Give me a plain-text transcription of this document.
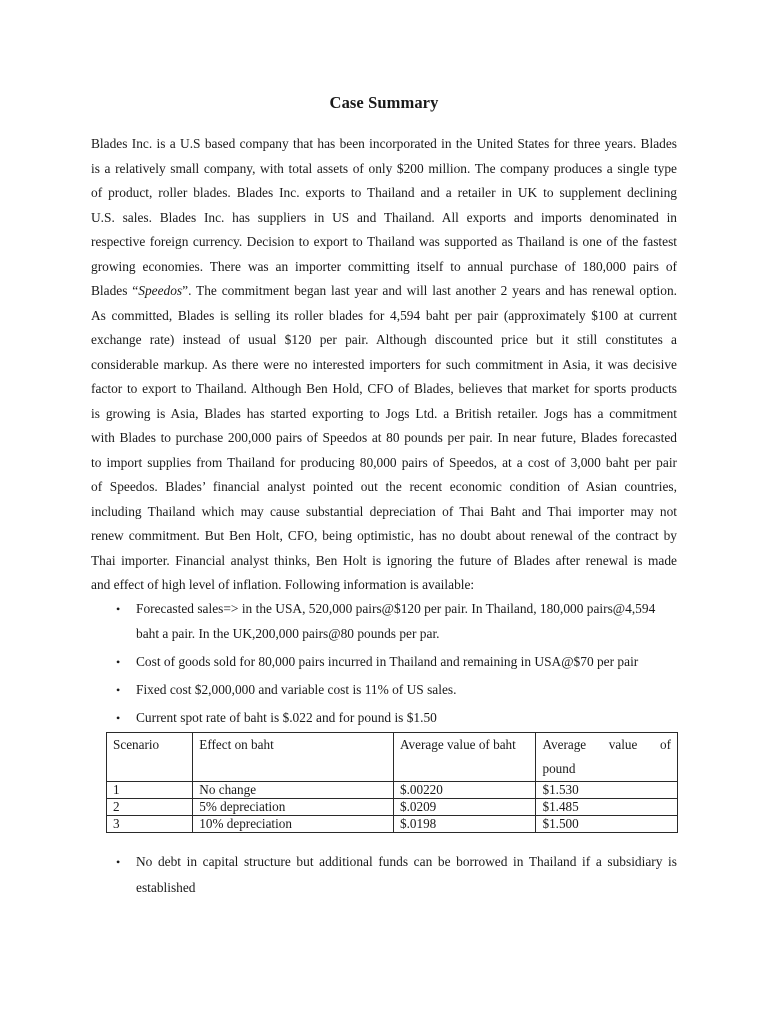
Case Summary
Blades Inc. is a U.S based company that has been incorporated in the United States for three years. Blades
is a relatively small company, with total assets of only $200 million. The company produces a single type
of product, roller blades. Blades Inc. exports to Thailand and a retailer in UK to supplement declining
U.S. sales. Blades Inc. has suppliers in US and Thailand. All exports and imports denominated in
respective foreign currency. Decision to export to Thailand was supported as Thailand is one of the fastest
growing economies. There was an importer committing itself to annual purchase of 180,000 pairs of
Blades “Speedos”. The commitment began last year and will last another 2 years and has renewal option.
As committed, Blades is selling its roller blades for 4,594 baht per pair (approximately $100 at current
exchange rate) instead of usual $120 per pair. Although discounted price but it still constitutes a
considerable markup. As there were no interested importers for such commitment in Asia, it was decisive
factor to export to Thailand. Although Ben Hold, CFO of Blades, believes that market for sports products
is growing is Asia, Blades has started exporting to Jogs Ltd. a British retailer. Jogs has a commitment
with Blades to purchase 200,000 pairs of Speedos at 80 pounds per pair. In near future, Blades forecasted
to import supplies from Thailand for producing 80,000 pairs of Speedos, at a cost of 3,000 baht per pair
of Speedos. Blades’ financial analyst pointed out the recent economic condition of Asian countries,
including Thailand which may cause substantial depreciation of Thai Baht and Thai importer may not
renew commitment. But Ben Holt, CFO, being optimistic, has no doubt about renewal of the contract by
Thai importer. Financial analyst thinks, Ben Holt is ignoring the future of Blades after renewal is made
and effect of high level of inflation. Following information is available:
• Forecasted sales=> in the USA, 520,000 pairs@$120 per pair. In Thailand, 180,000 pairs@4,594
baht a pair. In the UK,200,000 pairs@80 pounds per par.
• Cost of goods sold for 80,000 pairs incurred in Thailand and remaining in USA@$70 per pair
• Fixed cost $2,000,000 and variable cost is 11% of US sales.
• Current spot rate of baht is $.022 and for pound is $1.50
Scenario	Effect on baht	Average value of baht	Average value of
pound
1	No change	$.00220	$1.530
2	5% depreciation	$.0209	$1.485
3	10% depreciation	$.0198	$1.500
• No debt in capital structure but additional funds can be borrowed in Thailand if a subsidiary is
established
